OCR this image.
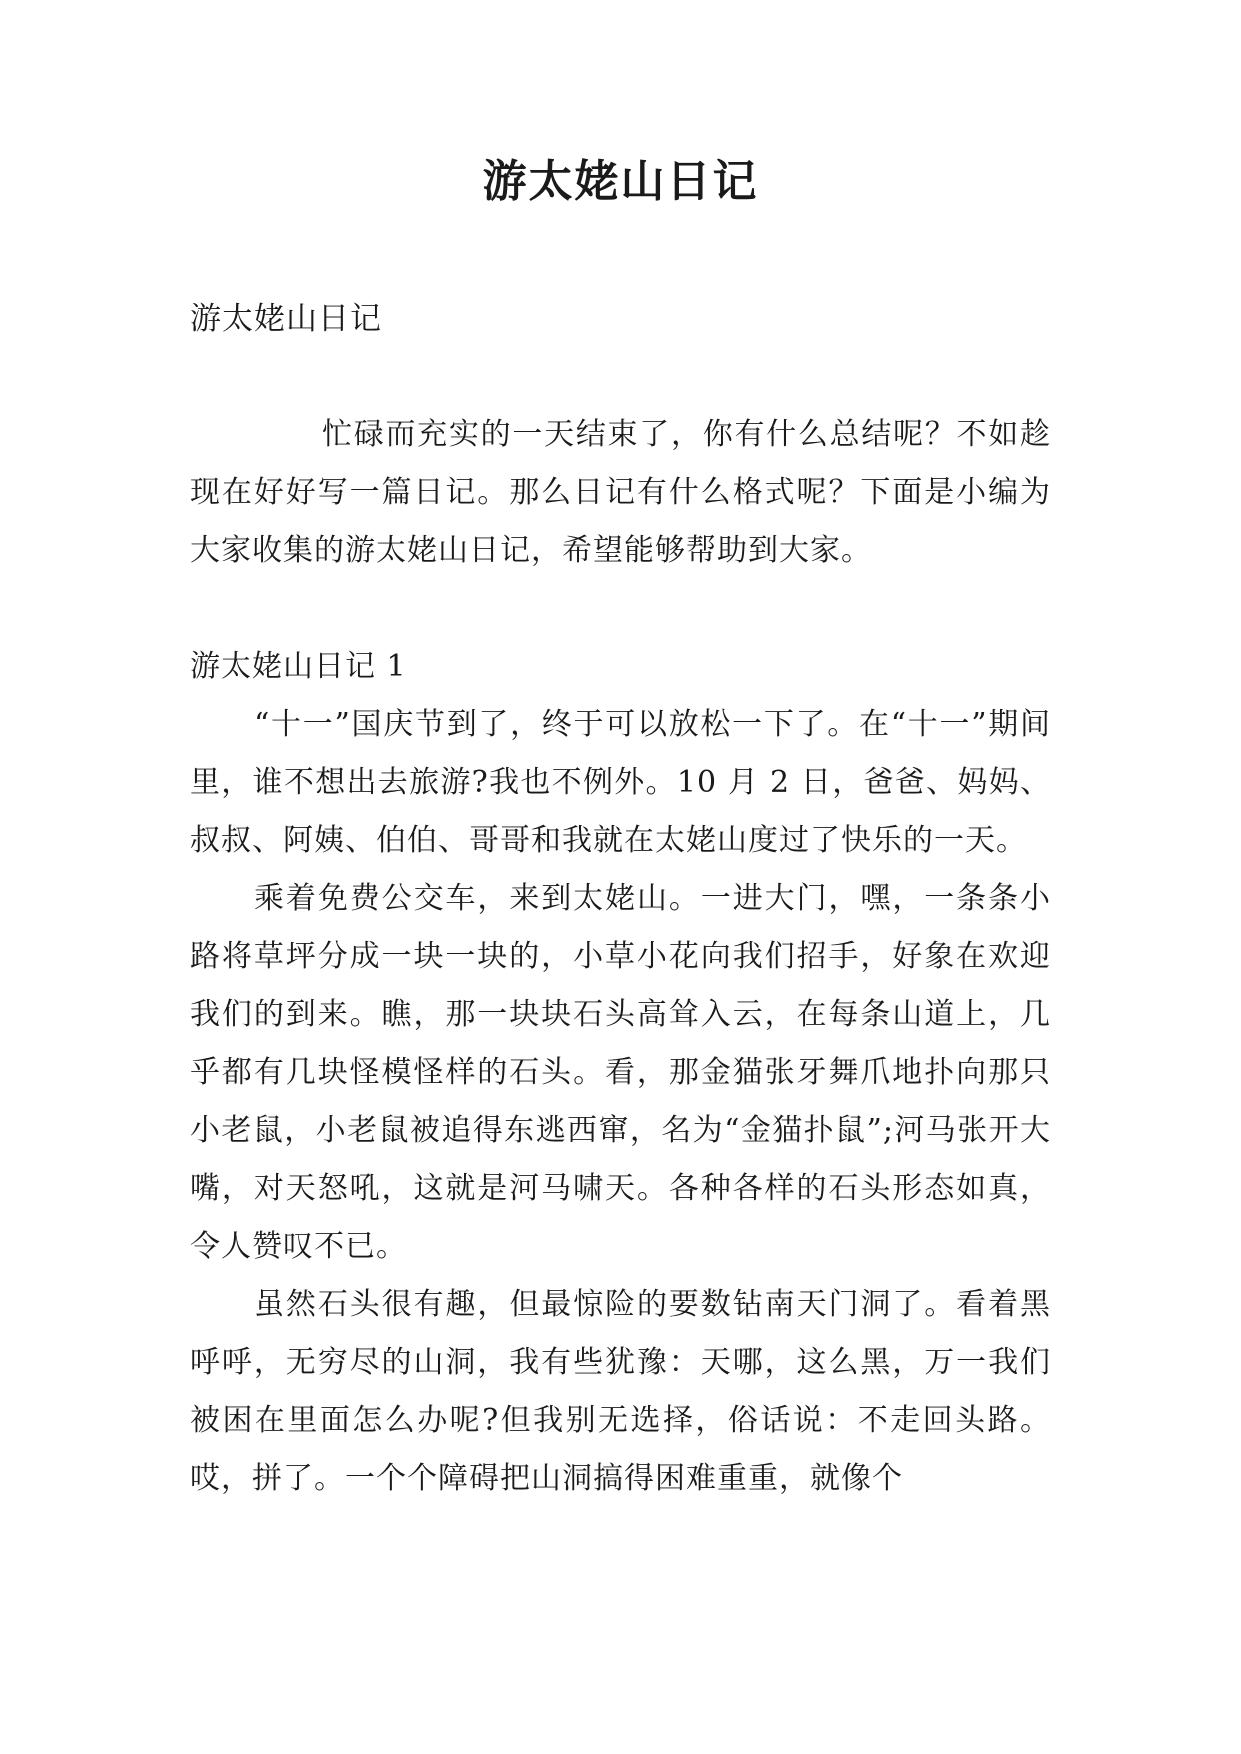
游太姥山日记

游太姥山日记

忙碌而充实的一天结束了，你有什么总结呢？不如趁现在好好写一篇日记。那么日记有什么格式呢？下面是小编为大家收集的游太姥山日记，希望能够帮助到大家。

游太姥山日记 1

“十一”国庆节到了，终于可以放松一下了。在“十一”期间里，谁不想出去旅游?我也不例外。10 月 2 日，爸爸、妈妈、叔叔、阿姨、伯伯、哥哥和我就在太姥山度过了快乐的一天。

乘着免费公交车，来到太姥山。一进大门，嘿，一条条小路将草坪分成一块一块的，小草小花向我们招手，好象在欢迎我们的到来。瞧，那一块块石头高耸入云，在每条山道上，几乎都有几块怪模怪样的石头。看，那金猫张牙舞爪地扑向那只小老鼠，小老鼠被追得东逃西窜，名为“金猫扑鼠”;河马张开大嘴，对天怒吼，这就是河马啸天。各种各样的石头形态如真，令人赞叹不已。

虽然石头很有趣，但最惊险的要数钻南天门洞了。看着黑呼呼，无穷尽的山洞，我有些犹豫：天哪，这么黑，万一我们被困在里面怎么办呢?但我别无选择，俗话说：不走回头路。哎，拼了。一个个障碍把山洞搞得困难重重，就像个
